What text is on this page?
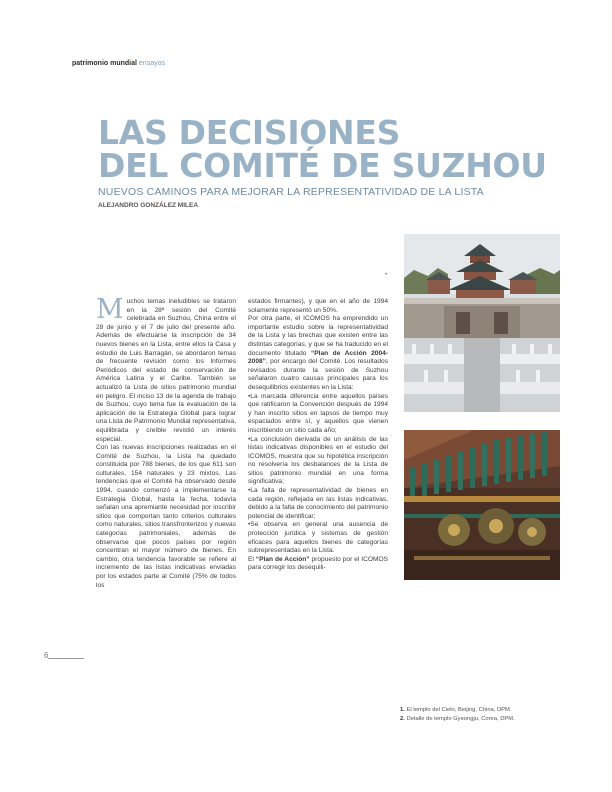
patrimonio mundial ensayos
LAS DECISIONES
DEL COMITÉ DE SUZHOU
NUEVOS CAMINOS PARA MEJORAR LA REPRESENTATIVIDAD DE LA LISTA
ALEJANDRO GONZÁLEZ MILEA
•

M uchos temas ineludibles se trataron en la 28ª sesión del Comité celebrada en Suzhou, China entre el 28 de junio y el 7 de julio del presente año. Además de efectuarse la inscripción de 34 nuevos bienes en la Lista, entre ellos la Casa y estudio de Luis Barragán, se abordaron temas de frecuente revisión como los Informes Periódicos del estado de conservación de América Latina y el Caribe. También se actualizó la Lista de sitios patrimonio mundial en peligro. El inciso 13 de la agenda de trabajo de Suzhou, cuyo tema fue la evaluación de la aplicación de la Estrategia Global para lograr una Lista de Patrimonio Mundial representativa, equilibrada y creíble revistió un interés especial.

Con las nuevas inscripciones realizadas en el Comité de Suzhou, la Lista ha quedado constituida por 788 bienes, de los que 611 son culturales, 154 naturales y 23 mixtos. Las tendencias que el Comité ha observado desde 1994, cuando comenzó a implementarse la Estrategia Global, hasta la fecha, todavía señalan una apremiante necesidad por inscribir sitios que comportan tanto criterios culturales como naturales, sitios transfronterizos y nuevas categorías patrimoniales, además de observarse que pocos países por región concentran el mayor número de bienes. En cambio, otra tendencia favorable se refiere al incremento de las listas indicativas enviadas por los estados parte al Comité (75% de todos los

estados firmantes), y que en el año de 1994 solamente representó un 50%.

Por otra parte, el ICOMOS ha emprendido un importante estudio sobre la representatividad de la Lista y las brechas que existen entre las distintas categorías, y que se ha traducido en el documento titulado “Plan de Acción 2004-2008”, por encargo del Comité. Los resultados revisados durante la sesión de Suzhou señalaron cuatro causas principales para los desequilibrios existentes en la Lista:

•La marcada diferencia entre aquellos países que ratificaron la Convención después de 1994 y han inscrito sitios en lapsos de tiempo muy espaciados entre sí, y aquellos que vienen inscribiendo un sitio cada año;

•La conclusión derivada de un análisis de las listas indicativas disponibles en el estudio del ICOMOS, muestra que su hipotética inscripción no resolvería los desbalances de la Lista de sitios patrimonio mundial en una forma significativa;

•La falta de representatividad de bienes en cada región, reflejada en las listas indicativas, debido a la falta de conocimiento del patrimonio potencial de identificar;

•Se observa en general una ausencia de protección jurídica y sistemas de gestión eficaces para aquellos bienes de categorías subrepresentadas en la Lista.

El “Plan de Acción” propuesto por el ICOMOS para corregir los desequili-

1. El templo del Cielo, Beijing, China, DPM.
2. Detalle de templo Gyeongju, Corea, DPM.
6
